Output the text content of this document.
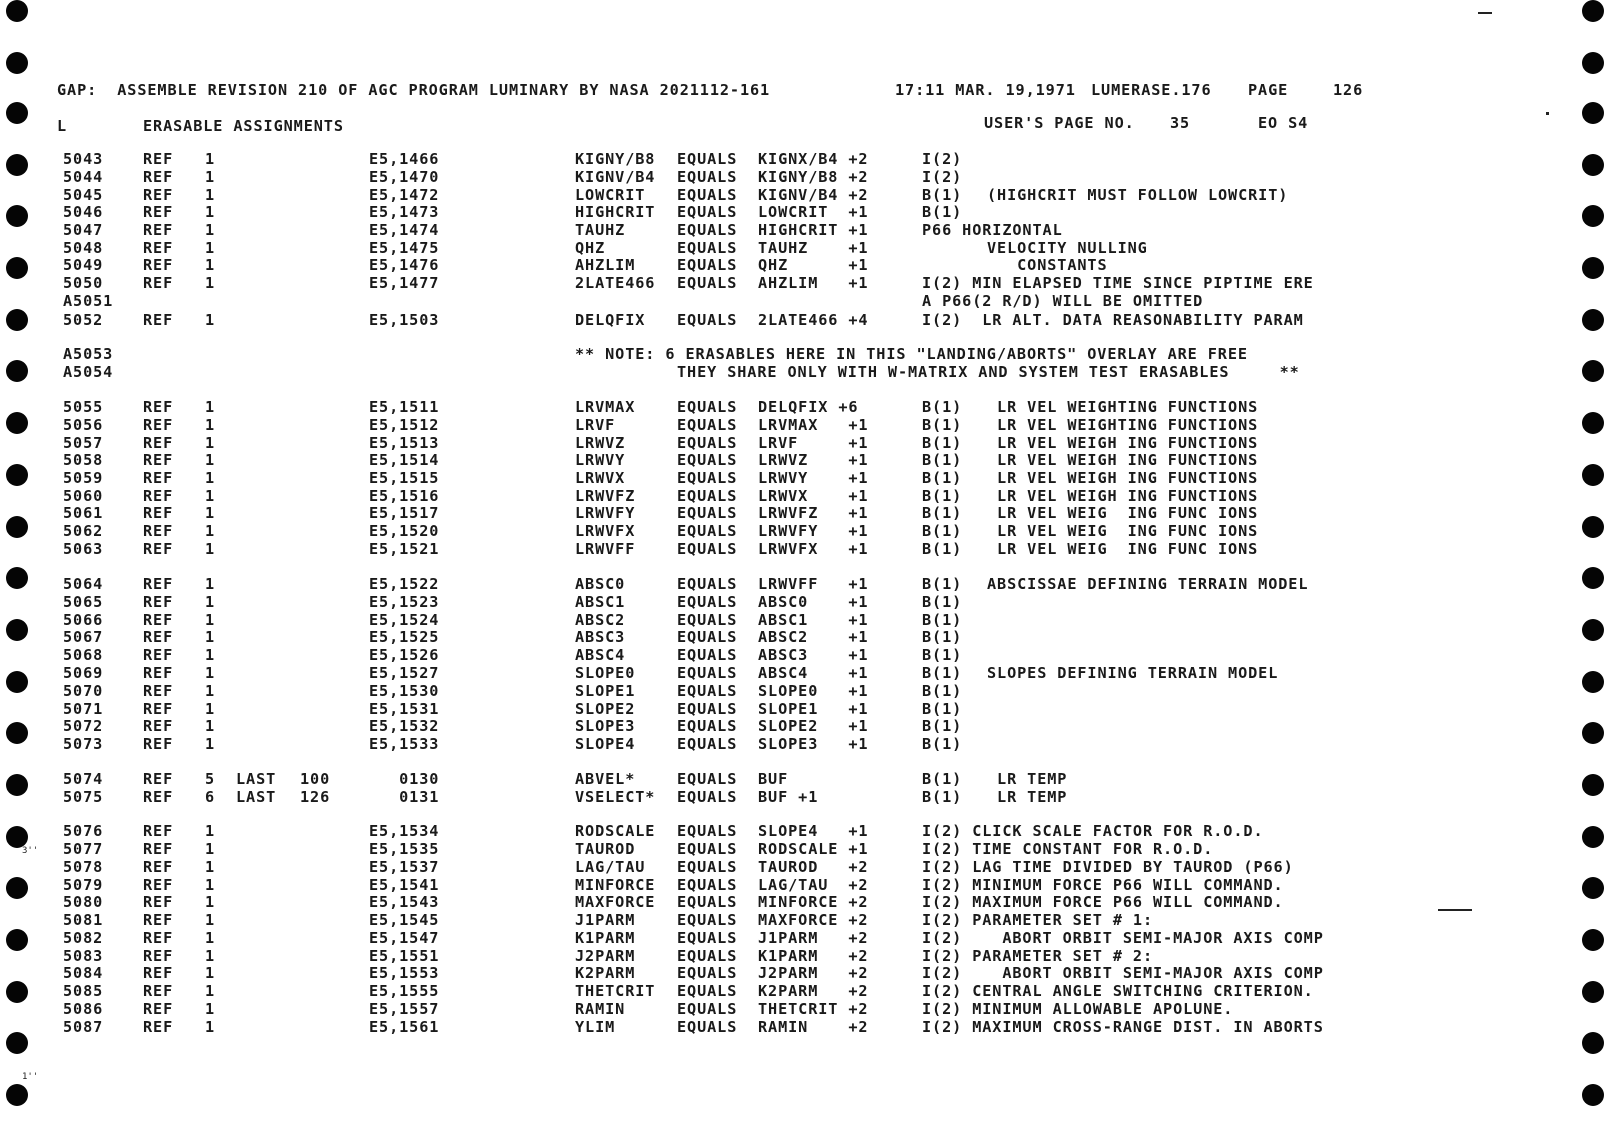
3''
1''
GAP:  ASSEMBLE REVISION 210 OF AGC PROGRAM LUMINARY BY NASA 2021112-161	17:11 MAR. 19,1971 LUMERASE.176 PAGE	126
L	ERASABLE ASSIGNMENTS	USER'S PAGE NO. 35	EO S4
5043	REF 1	E5,1466	KIGNY/B8 EQUALS KIGNX/B4 +2	I(2)
5044	REF 1	E5,1470	KIGNV/B4 EQUALS KIGNY/B8 +2	I(2)
5045	REF 1	E5,1472	LOWCRIT EQUALS KIGNV/B4 +2	B(1) (HIGHCRIT MUST FOLLOW LOWCRIT)
5046	REF 1	E5,1473	HIGHCRIT EQUALS LOWCRIT  +1	B(1)
5047	REF 1	E5,1474	TAUHZ	EQUALS HIGHCRIT +1	P66 HORIZONTAL
5048	REF 1	E5,1475	QHZ	EQUALS TAUHZ    +1	VELOCITY NULLING
5049	REF 1	E5,1476	AHZLIM	EQUALS QHZ      +1	CONSTANTS
5050	REF 1	E5,1477	2LATE466 EQUALS AHZLIM   +1	I(2) MIN ELAPSED TIME SINCE PIPTIME ERE
A5051	A P66(2 R/D) WILL BE OMITTED
5052	REF 1	E5,1503	DELQFIX EQUALS 2LATE466 +4	I(2)  LR ALT. DATA REASONABILITY PARAM
A5053	** NOTE: 6 ERASABLES HERE IN THIS "LANDING/ABORTS" OVERLAY ARE FREE
A5054	THEY SHARE ONLY WITH W-MATRIX AND SYSTEM TEST ERASABLES     **
5055	REF 1	E5,1511	LRVMAX	EQUALS DELQFIX +6	B(1) LR VEL WEIGHTING FUNCTIONS
5056	REF 1	E5,1512	LRVF	EQUALS LRVMAX   +1	B(1) LR VEL WEIGHTING FUNCTIONS
5057	REF 1	E5,1513	LRWVZ	EQUALS LRVF     +1	B(1) LR VEL WEIGH ING FUNCTIONS
5058	REF 1	E5,1514	LRWVY	EQUALS LRWVZ    +1	B(1) LR VEL WEIGH ING FUNCTIONS
5059	REF 1	E5,1515	LRWVX	EQUALS LRWVY    +1	B(1) LR VEL WEIGH ING FUNCTIONS
5060	REF 1	E5,1516	LRWVFZ	EQUALS LRWVX    +1	B(1) LR VEL WEIGH ING FUNCTIONS
5061	REF 1	E5,1517	LRWVFY	EQUALS LRWVFZ   +1	B(1) LR VEL WEIG  ING FUNC IONS
5062	REF 1	E5,1520	LRWVFX	EQUALS LRWVFY   +1	B(1) LR VEL WEIG  ING FUNC IONS
5063	REF 1	E5,1521	LRWVFF	EQUALS LRWVFX   +1	B(1) LR VEL WEIG  ING FUNC IONS
5064	REF 1	E5,1522	ABSC0	EQUALS LRWVFF   +1	B(1) ABSCISSAE DEFINING TERRAIN MODEL
5065	REF 1	E5,1523	ABSC1	EQUALS ABSC0    +1	B(1)
5066	REF 1	E5,1524	ABSC2	EQUALS ABSC1    +1	B(1)
5067	REF 1	E5,1525	ABSC3	EQUALS ABSC2    +1	B(1)
5068	REF 1	E5,1526	ABSC4	EQUALS ABSC3    +1	B(1)
5069	REF 1	E5,1527	SLOPE0	EQUALS ABSC4    +1	B(1) SLOPES DEFINING TERRAIN MODEL
5070	REF 1	E5,1530	SLOPE1	EQUALS SLOPE0   +1	B(1)
5071	REF 1	E5,1531	SLOPE2	EQUALS SLOPE1   +1	B(1)
5072	REF 1	E5,1532	SLOPE3	EQUALS SLOPE2   +1	B(1)
5073	REF 1	E5,1533	SLOPE4	EQUALS SLOPE3   +1	B(1)
5074	REF 5 LAST 100	0130	ABVEL*	EQUALS BUF	B(1) LR TEMP
5075	REF 6 LAST 126	0131	VSELECT* EQUALS BUF +1	B(1) LR TEMP
5076	REF 1	E5,1534	RODSCALE EQUALS SLOPE4   +1	I(2) CLICK SCALE FACTOR FOR R.O.D.
5077	REF 1	E5,1535	TAUROD	EQUALS RODSCALE +1	I(2) TIME CONSTANT FOR R.O.D.
5078	REF 1	E5,1537	LAG/TAU EQUALS TAUROD   +2	I(2) LAG TIME DIVIDED BY TAUROD (P66)
5079	REF 1	E5,1541	MINFORCE EQUALS LAG/TAU  +2	I(2) MINIMUM FORCE P66 WILL COMMAND.
5080	REF 1	E5,1543	MAXFORCE EQUALS MINFORCE +2	I(2) MAXIMUM FORCE P66 WILL COMMAND.
5081	REF 1	E5,1545	J1PARM	EQUALS MAXFORCE +2	I(2) PARAMETER SET # 1:
5082	REF 1	E5,1547	K1PARM	EQUALS J1PARM   +2	I(2)    ABORT ORBIT SEMI-MAJOR AXIS COMP
5083	REF 1	E5,1551	J2PARM	EQUALS K1PARM   +2	I(2) PARAMETER SET # 2:
5084	REF 1	E5,1553	K2PARM	EQUALS J2PARM   +2	I(2)    ABORT ORBIT SEMI-MAJOR AXIS COMP
5085	REF 1	E5,1555	THETCRIT EQUALS K2PARM   +2	I(2) CENTRAL ANGLE SWITCHING CRITERION.
5086	REF 1	E5,1557	RAMIN	EQUALS THETCRIT +2	I(2) MINIMUM ALLOWABLE APOLUNE.
5087	REF 1	E5,1561	YLIM	EQUALS RAMIN    +2	I(2) MAXIMUM CROSS-RANGE DIST. IN ABORTS
